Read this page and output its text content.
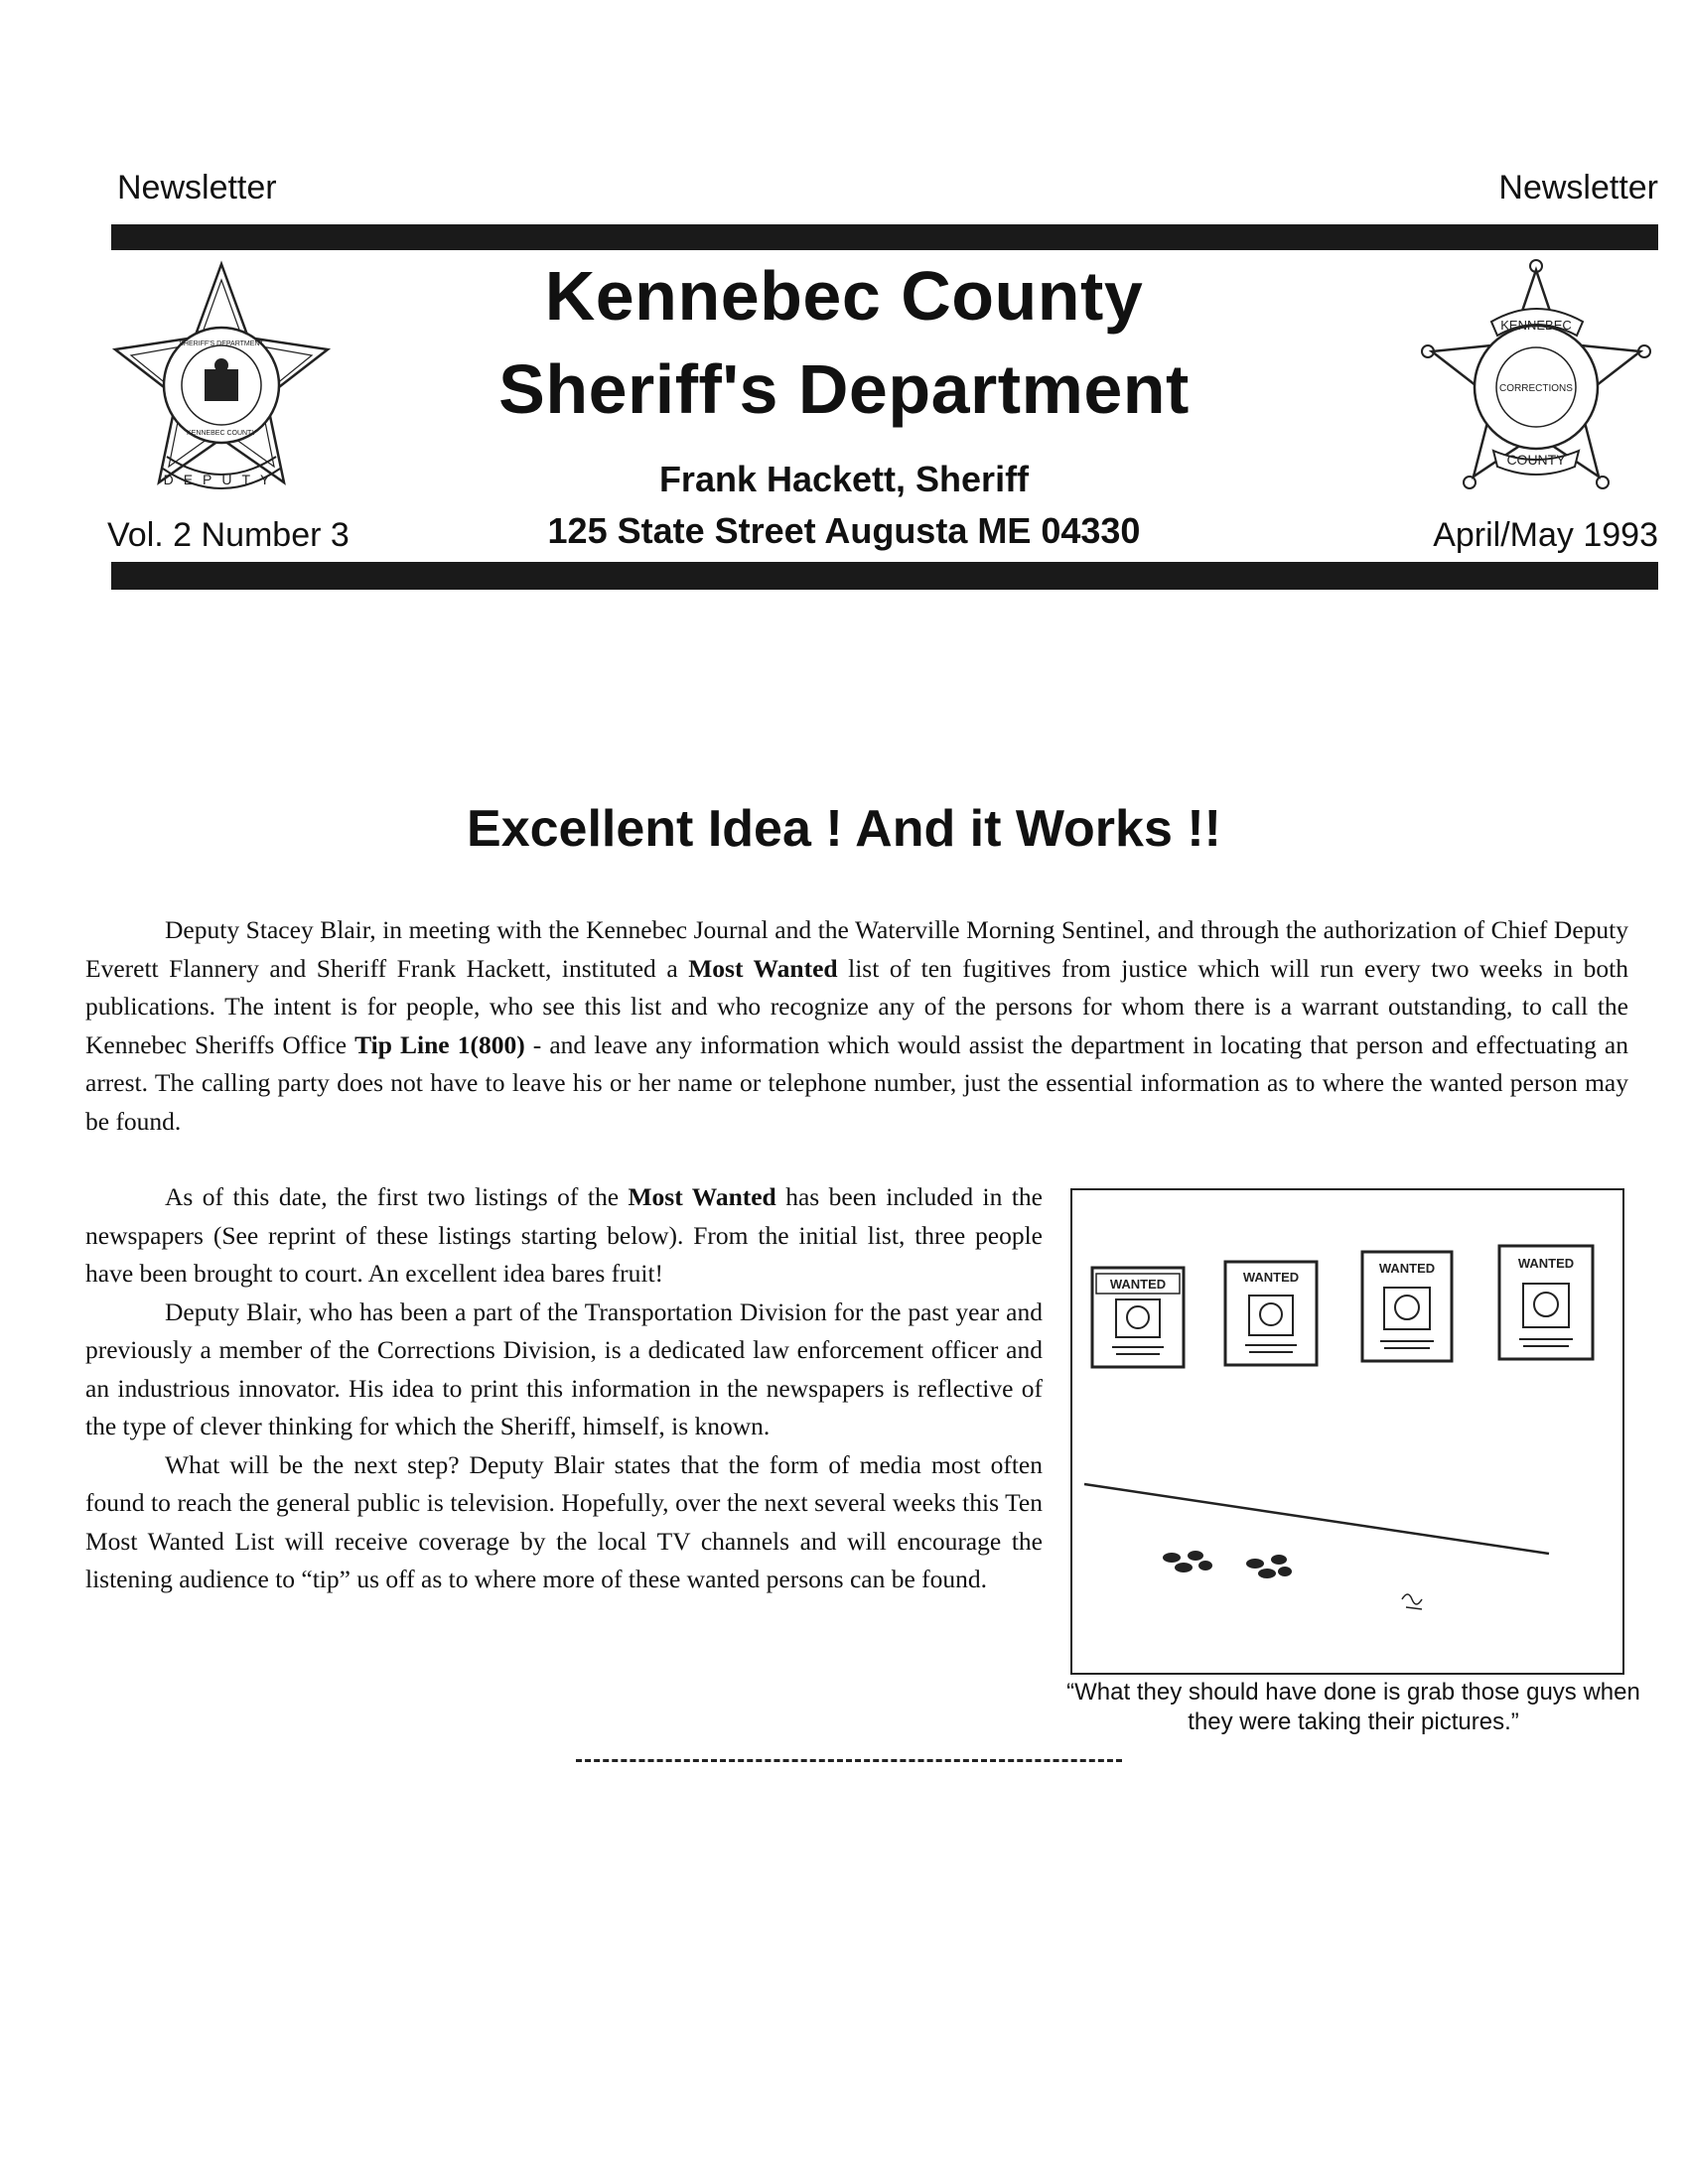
Newsletter	Newsletter
DEPUTY
SHERIFF'S DEPARTMENT
KENNEBEC COUNTY
KENNEBEC
CORRECTIONS
COUNTY
Kennebec County
Sheriff's Department
Frank Hackett, Sheriff
125 State Street Augusta ME 04330
Vol. 2 Number 3	April/May 1993
Excellent Idea ! And it Works !!

Deputy Stacey Blair, in meeting with the Kennebec Journal and the Waterville Morning Sentinel, and through the authorization of Chief Deputy Everett Flannery and Sheriff Frank Hackett, instituted a Most Wanted list of ten fugitives from justice which will run every two weeks in both publications. The intent is for people, who see this list and who recognize any of the persons for whom there is a warrant outstanding, to call the Kennebec Sheriffs Office Tip Line 1(800) - and leave any information which would assist the department in locating that person and effectuating an arrest. The calling party does not have to leave his or her name or telephone number, just the essential information as to where the wanted person may be found.

As of this date, the first two listings of the Most Wanted has been included in the newspapers (See reprint of these listings starting below). From the initial list, three people have been brought to court. An excellent idea bares fruit!

Deputy Blair, who has been a part of the Transportation Division for the past year and previously a member of the Corrections Division, is a dedicated law enforcement officer and an industrious innovator. His idea to print this information in the newspapers is reflective of the type of clever thinking for which the Sheriff, himself, is known.

What will be the next step? Deputy Blair states that the form of media most often found to reach the general public is television. Hopefully, over the next several weeks this Ten Most Wanted List will receive coverage by the local TV channels and will encourage the listening audience to “tip” us off as to where more of these wanted persons can be found.

WANTED	WANTED
WANTED	WANTED
“What they should have done is grab those guys when they were taking their pictures.”
